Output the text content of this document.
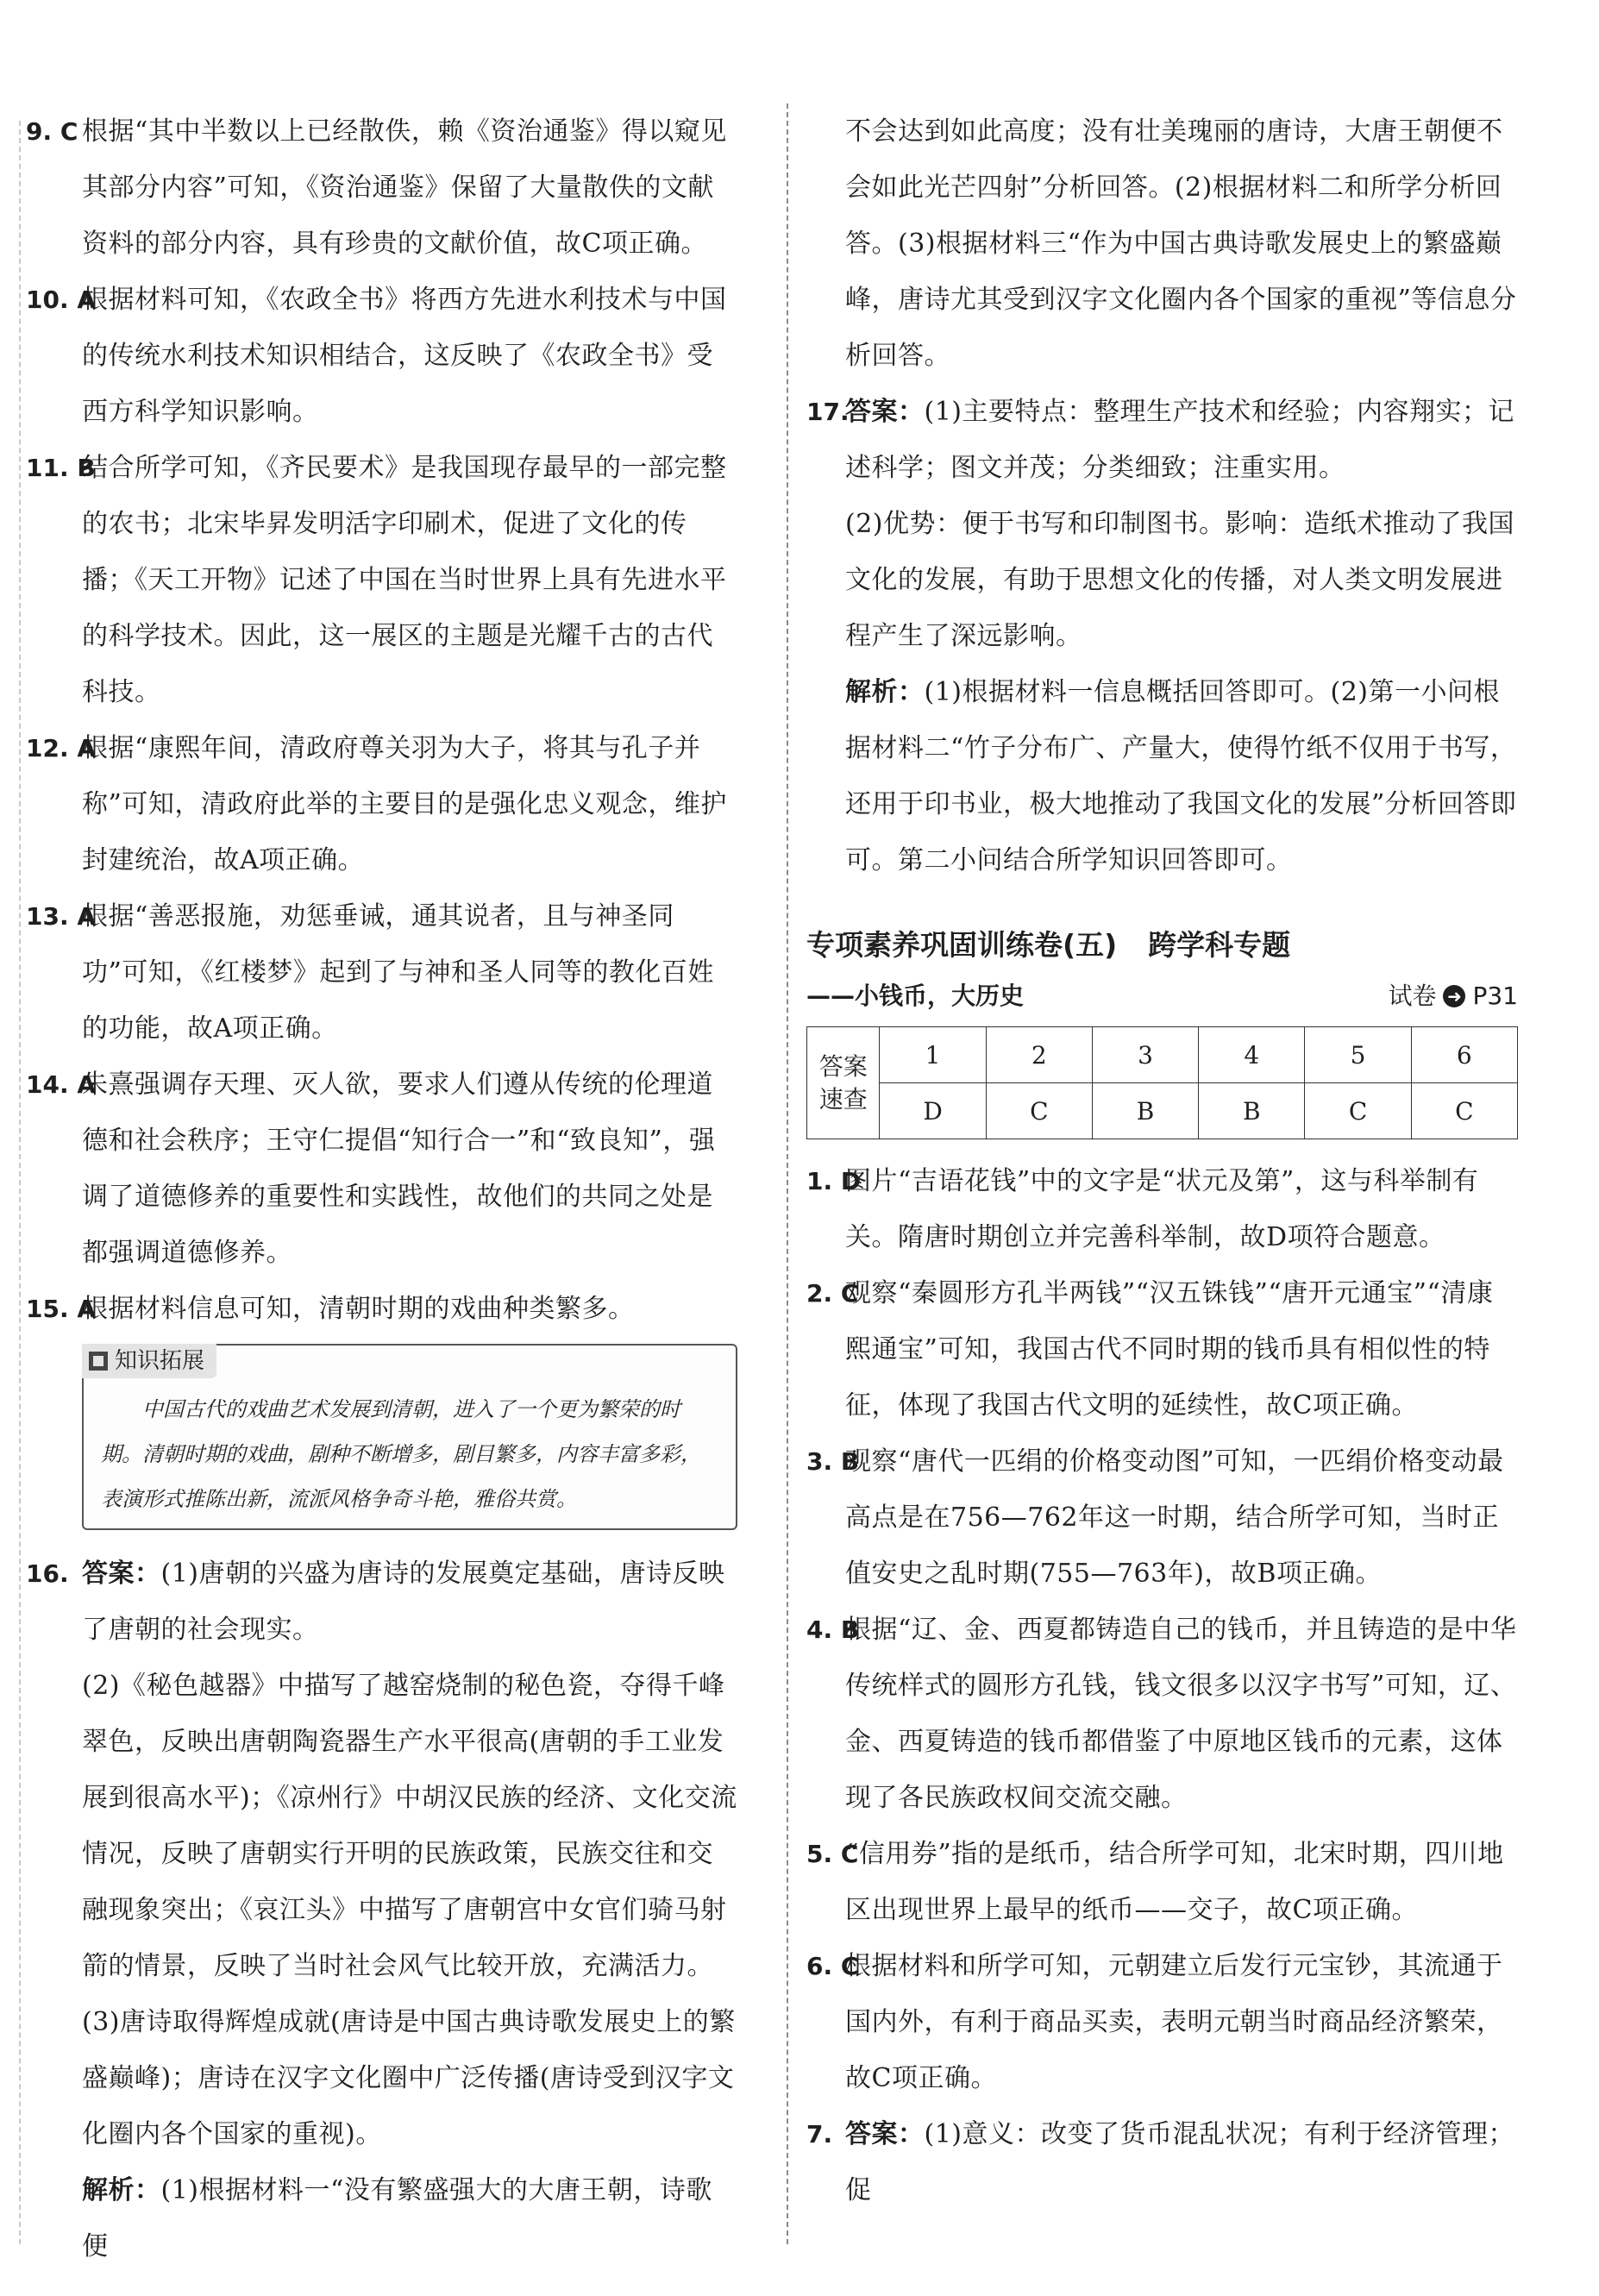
9. C 根据“其中半数以上已经散佚，赖《资治通鉴》得以窥见其部分内容”可知，《资治通鉴》保留了大量散佚的文献资料的部分内容，具有珍贵的文献价值，故C项正确。
10. A
根据材料可知，《农政全书》将西方先进水利技术与中国的传统水利技术知识相结合，这反映了《农政全书》受西方科学知识影响。
11. B
结合所学可知，《齐民要术》是我国现存最早的一部完整的农书；北宋毕昇发明活字印刷术，促进了文化的传播；《天工开物》记述了中国在当时世界上具有先进水平的科学技术。因此，这一展区的主题是光耀千古的古代科技。
12. A
根据“康熙年间，清政府尊关羽为大子，将其与孔子并称”可知，清政府此举的主要目的是强化忠义观念，维护封建统治，故A项正确。
13. A
根据“善恶报施，劝惩垂诫，通其说者，且与神圣同功”可知，《红楼梦》起到了与神和圣人同等的教化百姓的功能，故A项正确。
14. A
朱熹强调存天理、灭人欲，要求人们遵从传统的伦理道德和社会秩序；王守仁提倡“知行合一”和“致良知”，强调了道德修养的重要性和实践性，故他们的共同之处是都强调道德修养。
15. A
根据材料信息可知，清朝时期的戏曲种类繁多。
知识拓展

中国古代的戏曲艺术发展到清朝，进入了一个更为繁荣的时期。清朝时期的戏曲，剧种不断增多，剧目繁多，内容丰富多彩，表演形式推陈出新，流派风格争奇斗艳，雅俗共赏。

16. 答案：(1)唐朝的兴盛为唐诗的发展奠定基础，唐诗反映了唐朝的社会现实。
(2)《秘色越器》中描写了越窑烧制的秘色瓷，夺得千峰翠色，反映出唐朝陶瓷器生产水平很高(唐朝的手工业发展到很高水平)；《凉州行》中胡汉民族的经济、文化交流情况，反映了唐朝实行开明的民族政策，民族交往和交融现象突出；《哀江头》中描写了唐朝宫中女官们骑马射箭的情景，反映了当时社会风气比较开放，充满活力。
(3)唐诗取得辉煌成就(唐诗是中国古典诗歌发展史上的繁盛巅峰)；唐诗在汉字文化圈中广泛传播(唐诗受到汉字文化圈内各个国家的重视)。
解析：(1)根据材料一“没有繁盛强大的大唐王朝，诗歌便
不会达到如此高度；没有壮美瑰丽的唐诗，大唐王朝便不会如此光芒四射”分析回答。(2)根据材料二和所学分析回答。(3)根据材料三“作为中国古典诗歌发展史上的繁盛巅峰，唐诗尤其受到汉字文化圈内各个国家的重视”等信息分析回答。
17.
答案：(1)主要特点：整理生产技术和经验；内容翔实；记述科学；图文并茂；分类细致；注重实用。
(2)优势：便于书写和印制图书。影响：造纸术推动了我国文化的发展，有助于思想文化的传播，对人类文明发展进程产生了深远影响。
解析：(1)根据材料一信息概括回答即可。(2)第一小问根据材料二“竹子分布广、产量大，使得竹纸不仅用于书写，还用于印书业，极大地推动了我国文化的发展”分析回答即可。第二小问结合所学知识回答即可。
专项素养巩固训练卷(五) 跨学科专题
——小钱币，大历史	试卷 ➜ P31
答案
速查	1	2	3	4	5	6
	D	C	B	B	C	C
1. D
图片“吉语花钱”中的文字是“状元及第”，这与科举制有关。隋唐时期创立并完善科举制，故D项符合题意。
2. C
观察“秦圆形方孔半两钱”“汉五铢钱”“唐开元通宝”“清康熙通宝”可知，我国古代不同时期的钱币具有相似性的特征，体现了我国古代文明的延续性，故C项正确。
3. B
观察“唐代一匹绢的价格变动图”可知，一匹绢价格变动最高点是在756—762年这一时期，结合所学可知，当时正值安史之乱时期(755—763年)，故B项正确。
4. B
根据“辽、金、西夏都铸造自己的钱币，并且铸造的是中华传统样式的圆形方孔钱，钱文很多以汉字书写”可知，辽、金、西夏铸造的钱币都借鉴了中原地区钱币的元素，这体现了各民族政权间交流交融。
5. C
“信用券”指的是纸币，结合所学可知，北宋时期，四川地区出现世界上最早的纸币——交子，故C项正确。
6. C
根据材料和所学可知，元朝建立后发行元宝钞，其流通于国内外，有利于商品买卖，表明元朝当时商品经济繁荣，故C项正确。
7. 答案：(1)意义：改变了货币混乱状况；有利于经济管理；促
